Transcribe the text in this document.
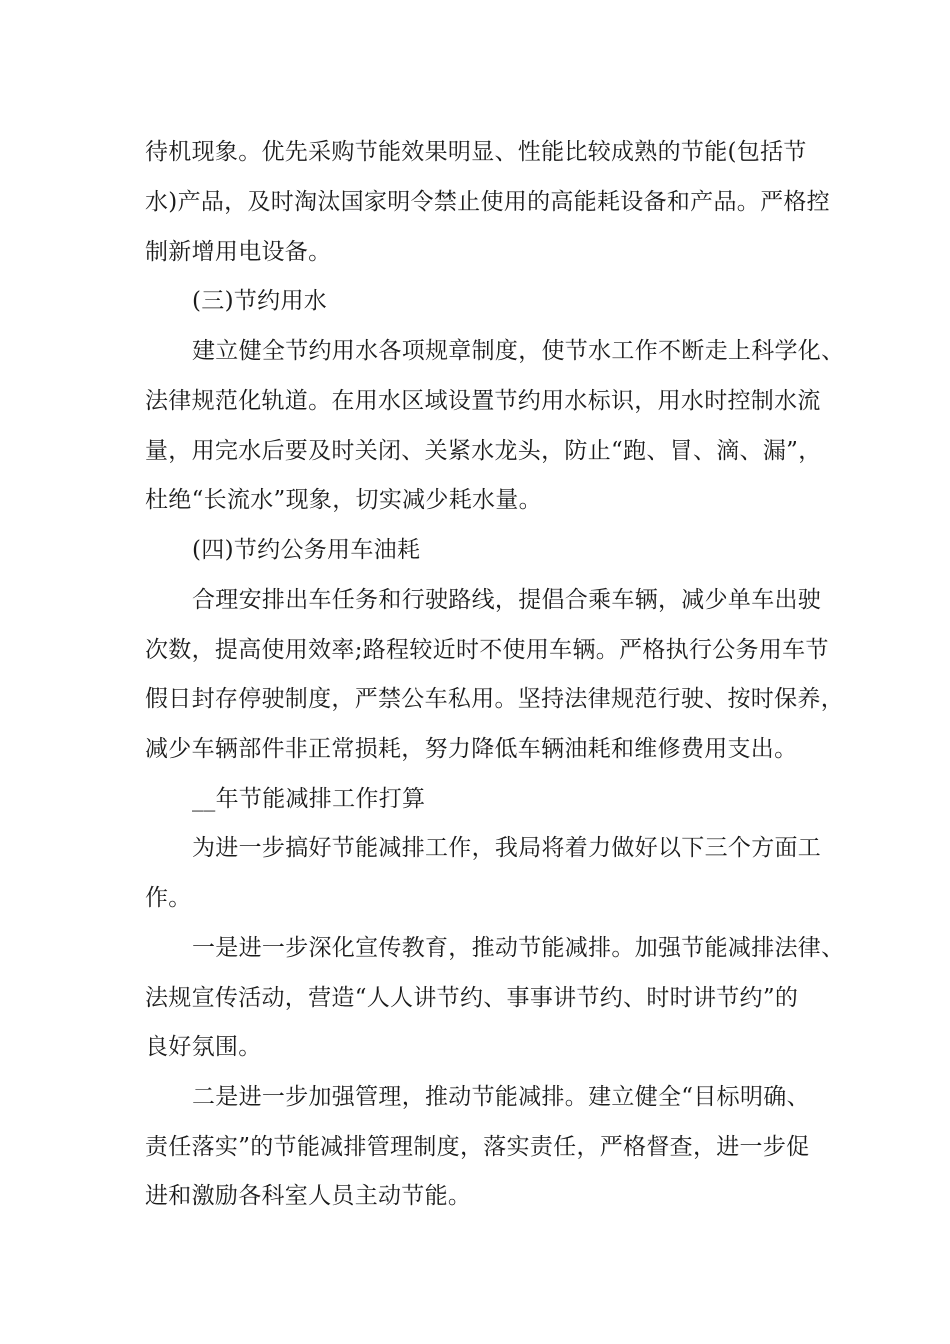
待机现象。优先采购节能效果明显、性能比较成熟的节能(包括节

水)产品，及时淘汰国家明令禁止使用的高能耗设备和产品。严格控

制新增用电设备。

(三)节约用水

建立健全节约用水各项规章制度，使节水工作不断走上科学化、

法律规范化轨道。在用水区域设置节约用水标识，用水时控制水流

量，用完水后要及时关闭、关紧水龙头，防止“跑、冒、滴、漏”，

杜绝“长流水”现象，切实减少耗水量。

(四)节约公务用车油耗

合理安排出车任务和行驶路线，提倡合乘车辆，减少单车出驶

次数，提高使用效率;路程较近时不使用车辆。严格执行公务用车节

假日封存停驶制度，严禁公车私用。坚持法律规范行驶、按时保养，

减少车辆部件非正常损耗，努力降低车辆油耗和维修费用支出。

__年节能减排工作打算

为进一步搞好节能减排工作，我局将着力做好以下三个方面工

作。

一是进一步深化宣传教育，推动节能减排。加强节能减排法律、

法规宣传活动，营造“人人讲节约、事事讲节约、时时讲节约”的

良好氛围。

二是进一步加强管理，推动节能减排。建立健全“目标明确、

责任落实”的节能减排管理制度，落实责任，严格督查，进一步促

进和激励各科室人员主动节能。
